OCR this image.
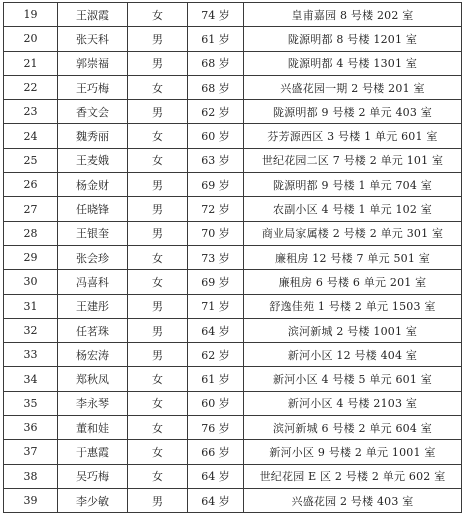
19	王淑霞	女	74 岁	皇甫嘉园 8 号楼 202 室
20	张天科	男	61 岁	陇源明都 8 号楼 1201 室
21	郭崇福	男	68 岁	陇源明都 4 号楼 1301 室
22	王巧梅	女	68 岁	兴盛花园一期 2 号楼 201 室
23	香文会	男	62 岁	陇源明都 9 号楼 2 单元 403 室
24	魏秀丽	女	60 岁	芬芳源西区 3 号楼 1 单元 601 室
25	王麦娥	女	63 岁	世纪花园二区 7 号楼 2 单元 101 室
26	杨金财	男	69 岁	陇源明都 9 号楼 1 单元 704 室
27	任晓锋	男	72 岁	农副小区 4 号楼 1 单元 102 室
28	王银奎	男	70 岁	商业局家属楼 2 号楼 2 单元 301 室
29	张会珍	女	73 岁	廉租房 12 号楼 7 单元 501 室
30	冯喜科	女	69 岁	廉租房 6 号楼 6 单元 201 室
31	王建彤	男	71 岁	舒逸佳苑 1 号楼 2 单元 1503 室
32	任茗珠	男	64 岁	滨河新城 2 号楼 1001 室
33	杨宏涛	男	62 岁	新河小区 12 号楼 404 室
34	郑秋凤	女	61 岁	新河小区 4 号楼 5 单元 601 室
35	李永琴	女	60 岁	新河小区 4 号楼 2103 室
36	董和娃	女	76 岁	滨河新城 6 号楼 2 单元 604 室
37	于惠霞	女	66 岁	新河小区 9 号楼 2 单元 1001 室
38	吴巧梅	女	64 岁	世纪花园 E 区 2 号楼 2 单元 602 室
39	李少敏	男	64 岁	兴盛花园 2 号楼 403 室
